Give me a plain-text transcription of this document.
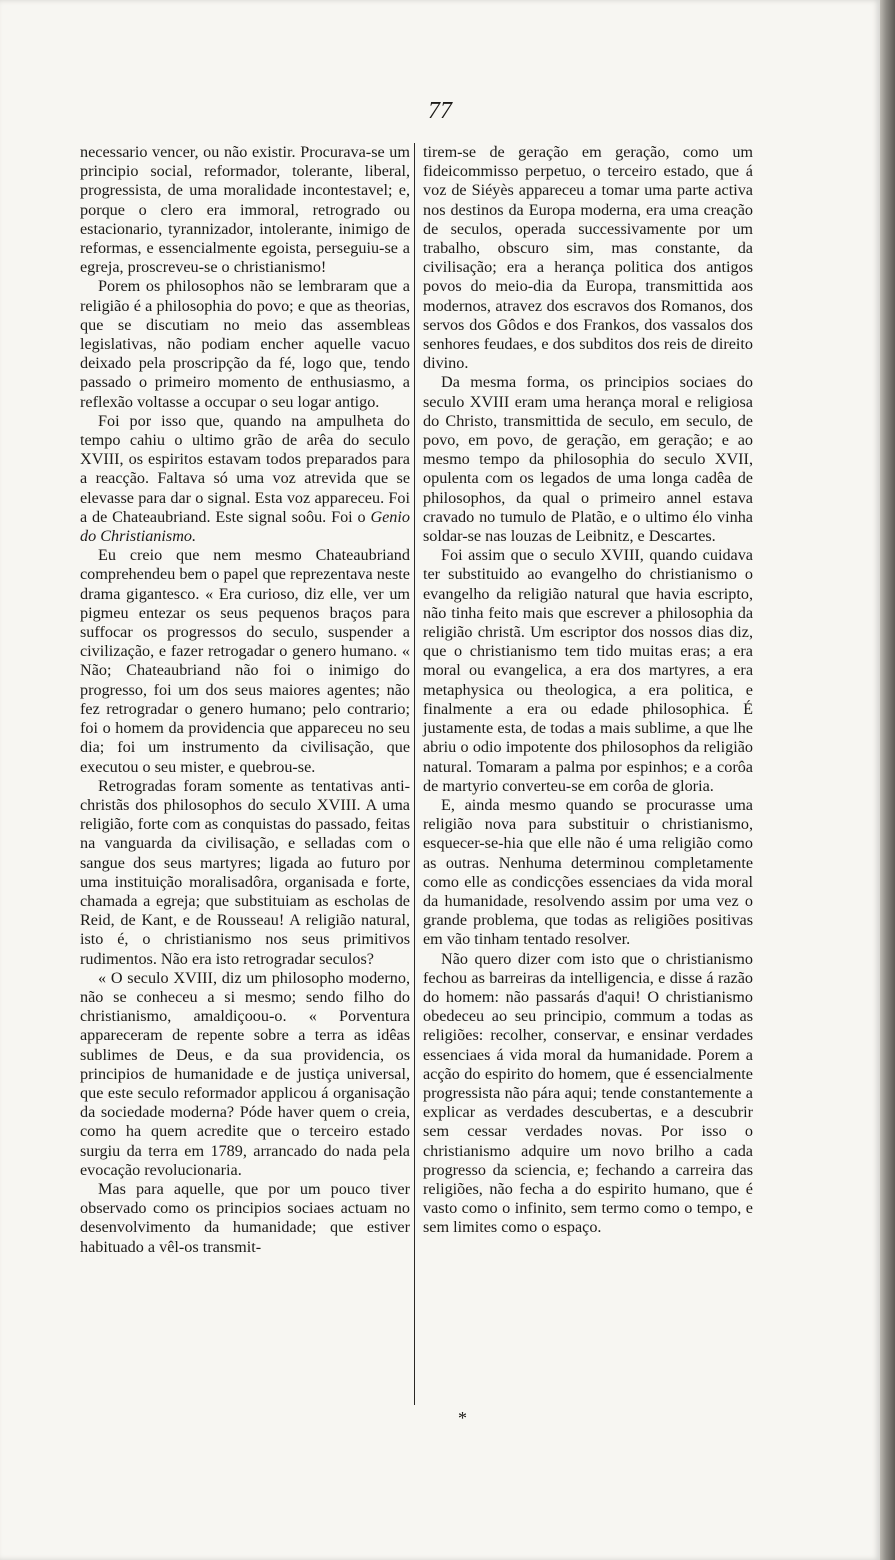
77

necessario vencer, ou não existir. Procurava-se um principio social, reformador, tolerante, liberal, progressista, de uma moralidade incontestavel; e, porque o clero era immoral, retrogrado ou estacionario, tyrannizador, intolerante, inimigo de reformas, e essencialmente egoista, perseguiu-se a egreja, proscreveu-se o christianismo!

Porem os philosophos não se lembraram que a religião é a philosophia do povo; e que as theorias, que se discutiam no meio das assembleas legislativas, não podiam encher aquelle vacuo deixado pela proscripção da fé, logo que, tendo passado o primeiro momento de enthusiasmo, a reflexão voltasse a occupar o seu logar antigo.

Foi por isso que, quando na ampulheta do tempo cahiu o ultimo grão de arêa do seculo XVIII, os espiritos estavam todos preparados para a reacção. Faltava só uma voz atrevida que se elevasse para dar o signal. Esta voz appareceu. Foi a de Chateaubriand. Este signal soôu. Foi o Genio do Christianismo.

Eu creio que nem mesmo Chateaubriand comprehendeu bem o papel que reprezentava neste drama gigantesco. « Era curioso, diz elle, ver um pigmeu entezar os seus pequenos braços para suffocar os progressos do seculo, suspender a civilização, e fazer retrogadar o genero humano. « Não; Chateaubriand não foi o inimigo do progresso, foi um dos seus maiores agentes; não fez retrogradar o genero humano; pelo contrario; foi o homem da providencia que appareceu no seu dia; foi um instrumento da civilisação, que executou o seu mister, e quebrou-se.

Retrogradas foram somente as tentativas anti-christãs dos philosophos do seculo XVIII. A uma religião, forte com as conquistas do passado, feitas na vanguarda da civilisação, e selladas com o sangue dos seus martyres; ligada ao futuro por uma instituição moralisadôra, organisada e forte, chamada a egreja; que substituiam as escholas de Reid, de Kant, e de Rousseau! A religião natural, isto é, o christianismo nos seus primitivos rudimentos. Não era isto retrogradar seculos?

« O seculo XVIII, diz um philosopho moderno, não se conheceu a si mesmo; sendo filho do christianismo, amaldiçoou-o. « Porventura appareceram de repente sobre a terra as idêas sublimes de Deus, e da sua providencia, os principios de humanidade e de justiça universal, que este seculo reformador applicou á organisação da sociedade moderna? Póde haver quem o creia, como ha quem acredite que o terceiro estado surgiu da terra em 1789, arrancado do nada pela evocação revolucionaria.

Mas para aquelle, que por um pouco tiver observado como os principios sociaes actuam no desenvolvimento da humanidade; que estiver habituado a vêl-os transmit-

tirem-se de geração em geração, como um fideicommisso perpetuo, o terceiro estado, que á voz de Siéyès appareceu a tomar uma parte activa nos destinos da Europa moderna, era uma creação de seculos, operada successivamente por um trabalho, obscuro sim, mas constante, da civilisação; era a herança politica dos antigos povos do meio-dia da Europa, transmittida aos modernos, atravez dos escravos dos Romanos, dos servos dos Gôdos e dos Frankos, dos vassalos dos senhores feudaes, e dos subditos dos reis de direito divino.

Da mesma forma, os principios sociaes do seculo XVIII eram uma herança moral e religiosa do Christo, transmittida de seculo, em seculo, de povo, em povo, de geração, em geração; e ao mesmo tempo da philosophia do seculo XVII, opulenta com os legados de uma longa cadêa de philosophos, da qual o primeiro annel estava cravado no tumulo de Platão, e o ultimo élo vinha soldar-se nas louzas de Leibnitz, e Descartes.

Foi assim que o seculo XVIII, quando cuidava ter substituido ao evangelho do christianismo o evangelho da religião natural que havia escripto, não tinha feito mais que escrever a philosophia da religião christã. Um escriptor dos nossos dias diz, que o christianismo tem tido muitas eras; a era moral ou evangelica, a era dos martyres, a era metaphysica ou theologica, a era politica, e finalmente a era ou edade philosophica. É justamente esta, de todas a mais sublime, a que lhe abriu o odio impotente dos philosophos da religião natural. Tomaram a palma por espinhos; e a corôa de martyrio converteu-se em corôa de gloria.

E, ainda mesmo quando se procurasse uma religião nova para substituir o christianismo, esquecer-se-hia que elle não é uma religião como as outras. Nenhuma determinou completamente como elle as condicções essenciaes da vida moral da humanidade, resolvendo assim por uma vez o grande problema, que todas as religiões positivas em vão tinham tentado resolver.

Não quero dizer com isto que o christianismo fechou as barreiras da intelligencia, e disse á razão do homem: não passarás d'aqui! O christianismo obedeceu ao seu principio, commum a todas as religiões: recolher, conservar, e ensinar verdades essenciaes á vida moral da humanidade. Porem a acção do espirito do homem, que é essencialmente progressista não pára aqui; tende constantemente a explicar as verdades descubertas, e a descubrir sem cessar verdades novas. Por isso o christianismo adquire um novo brilho a cada progresso da sciencia, e; fechando a carreira das religiões, não fecha a do espirito humano, que é vasto como o infinito, sem termo como o tempo, e sem limites como o espaço.

*
